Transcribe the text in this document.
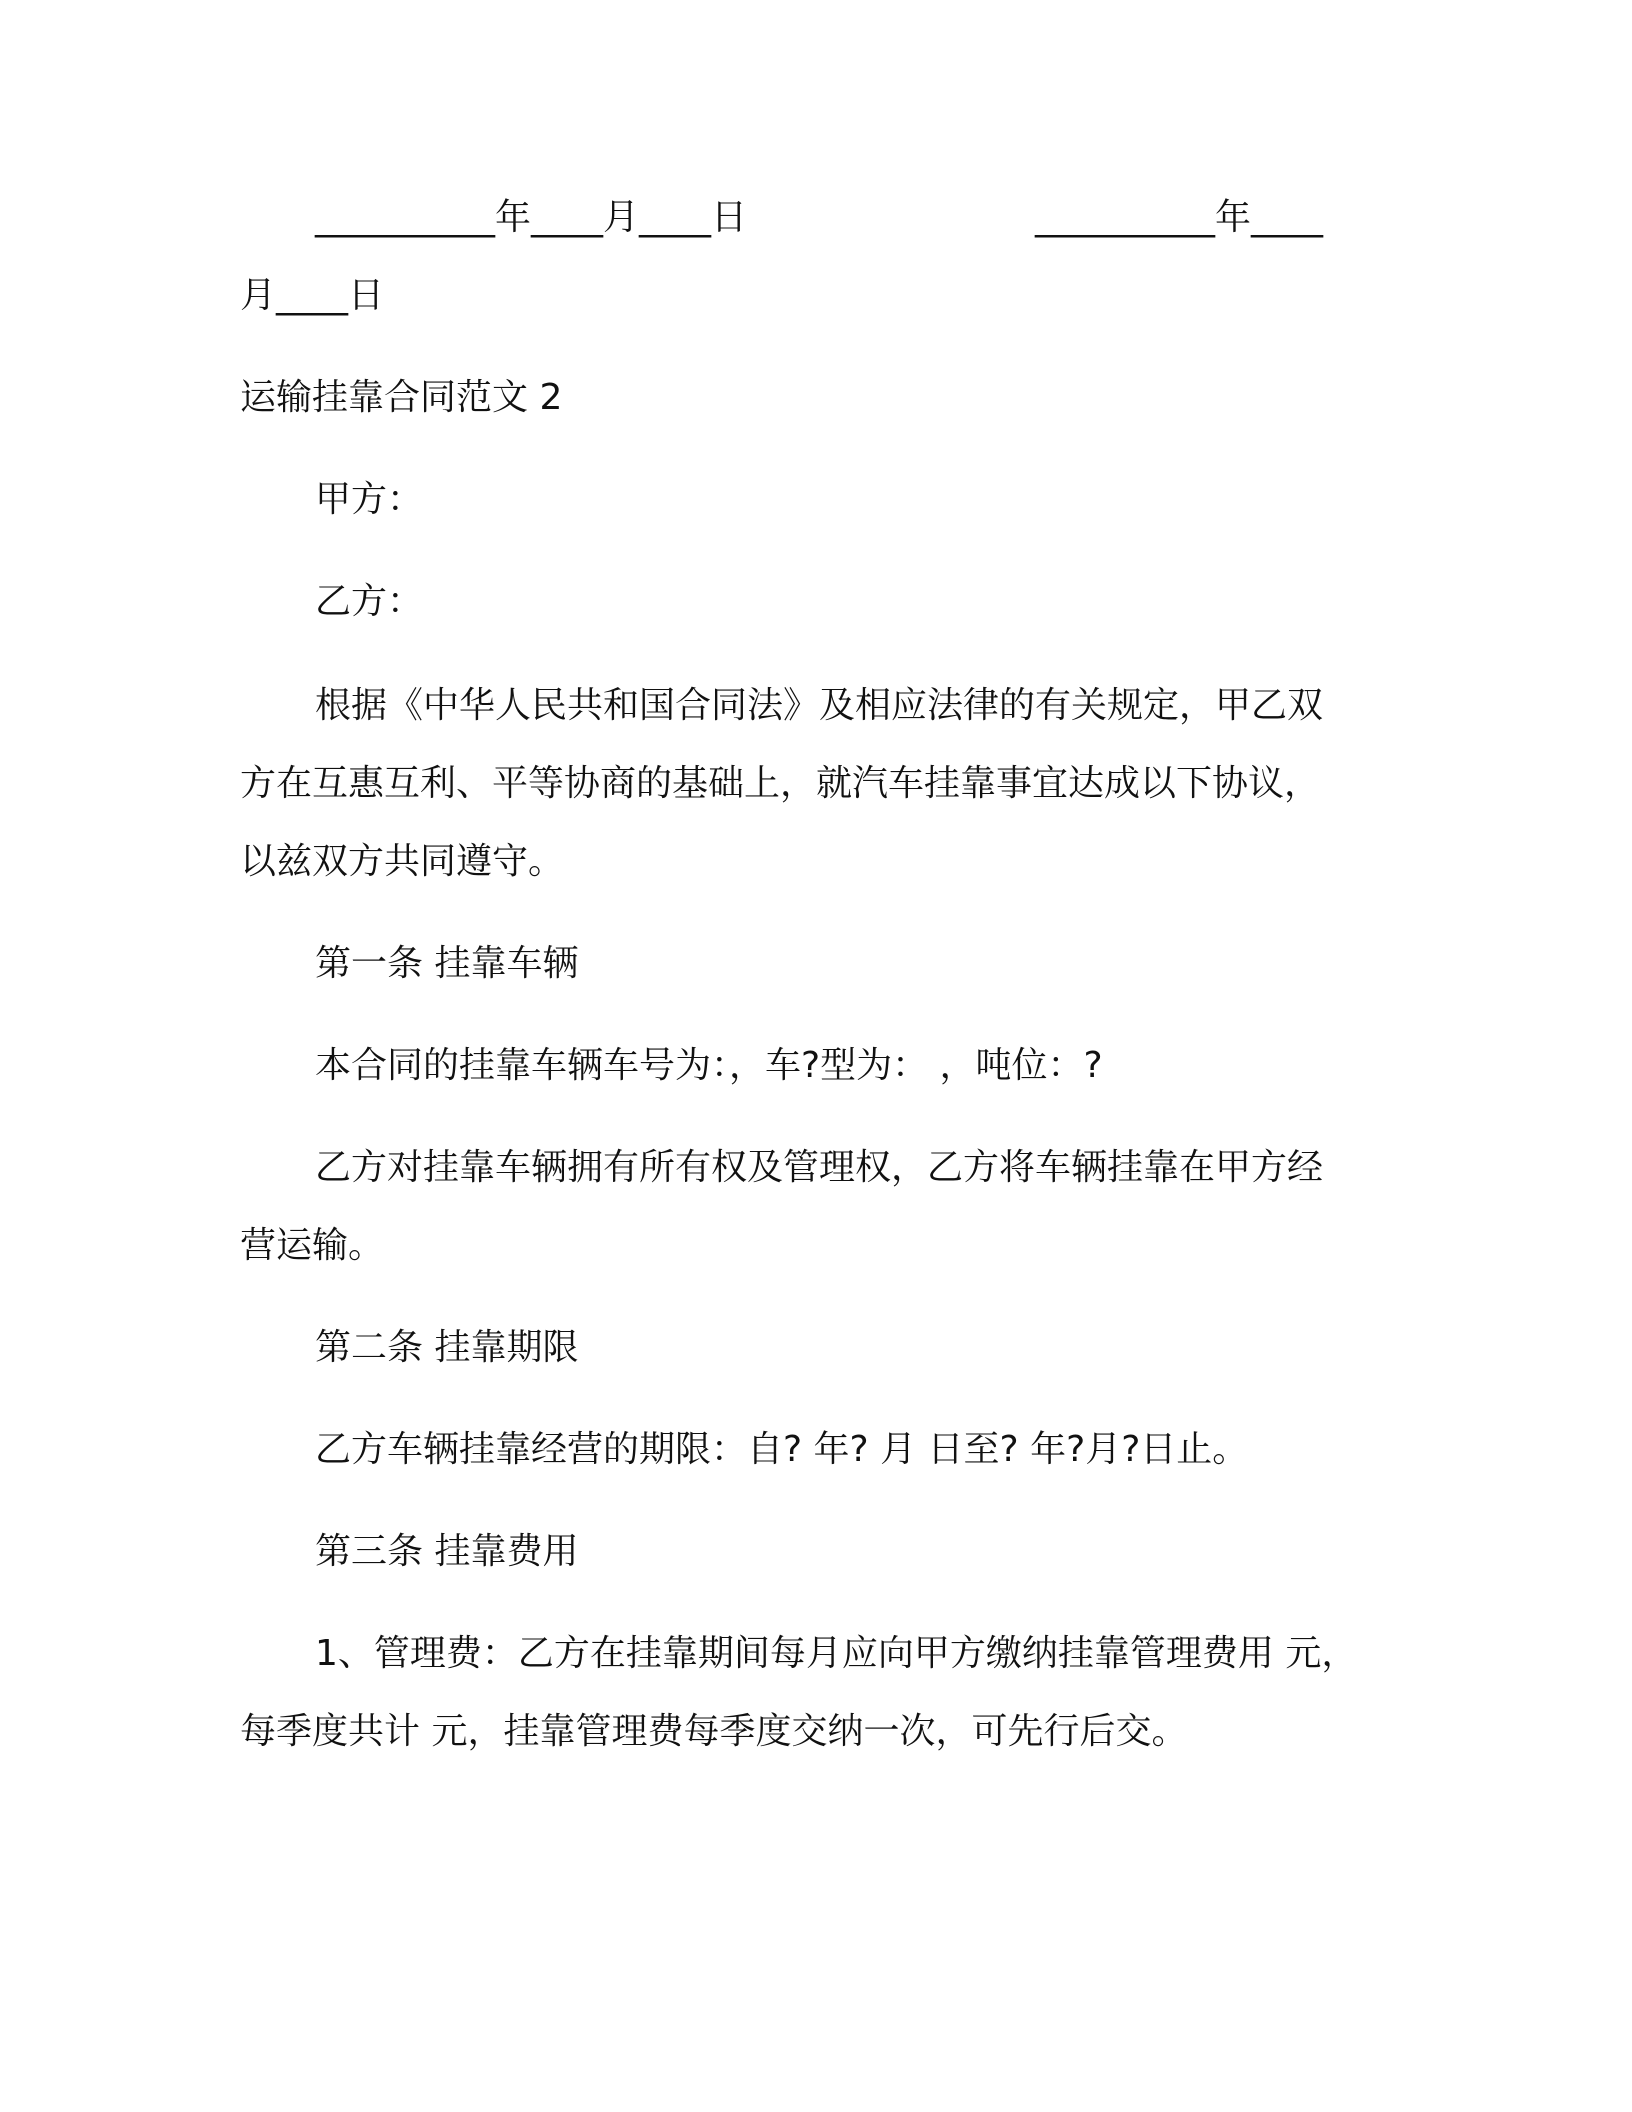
__________年____月____日	__________年____
月____日
运输挂靠合同范文 2
甲方：
乙方：
根据《中华人民共和国合同法》及相应法律的有关规定，甲乙双
方在互惠互利、平等协商的基础上，就汽车挂靠事宜达成以下协议，
以兹双方共同遵守。
第一条 挂靠车辆
本合同的挂靠车辆车号为：，车?型为： ，吨位：?
乙方对挂靠车辆拥有所有权及管理权，乙方将车辆挂靠在甲方经
营运输。
第二条 挂靠期限
乙方车辆挂靠经营的期限：自? 年? 月 日至? 年?月?日止。
第三条 挂靠费用
1、管理费：乙方在挂靠期间每月应向甲方缴纳挂靠管理费用 元，
每季度共计 元，挂靠管理费每季度交纳一次，可先行后交。
